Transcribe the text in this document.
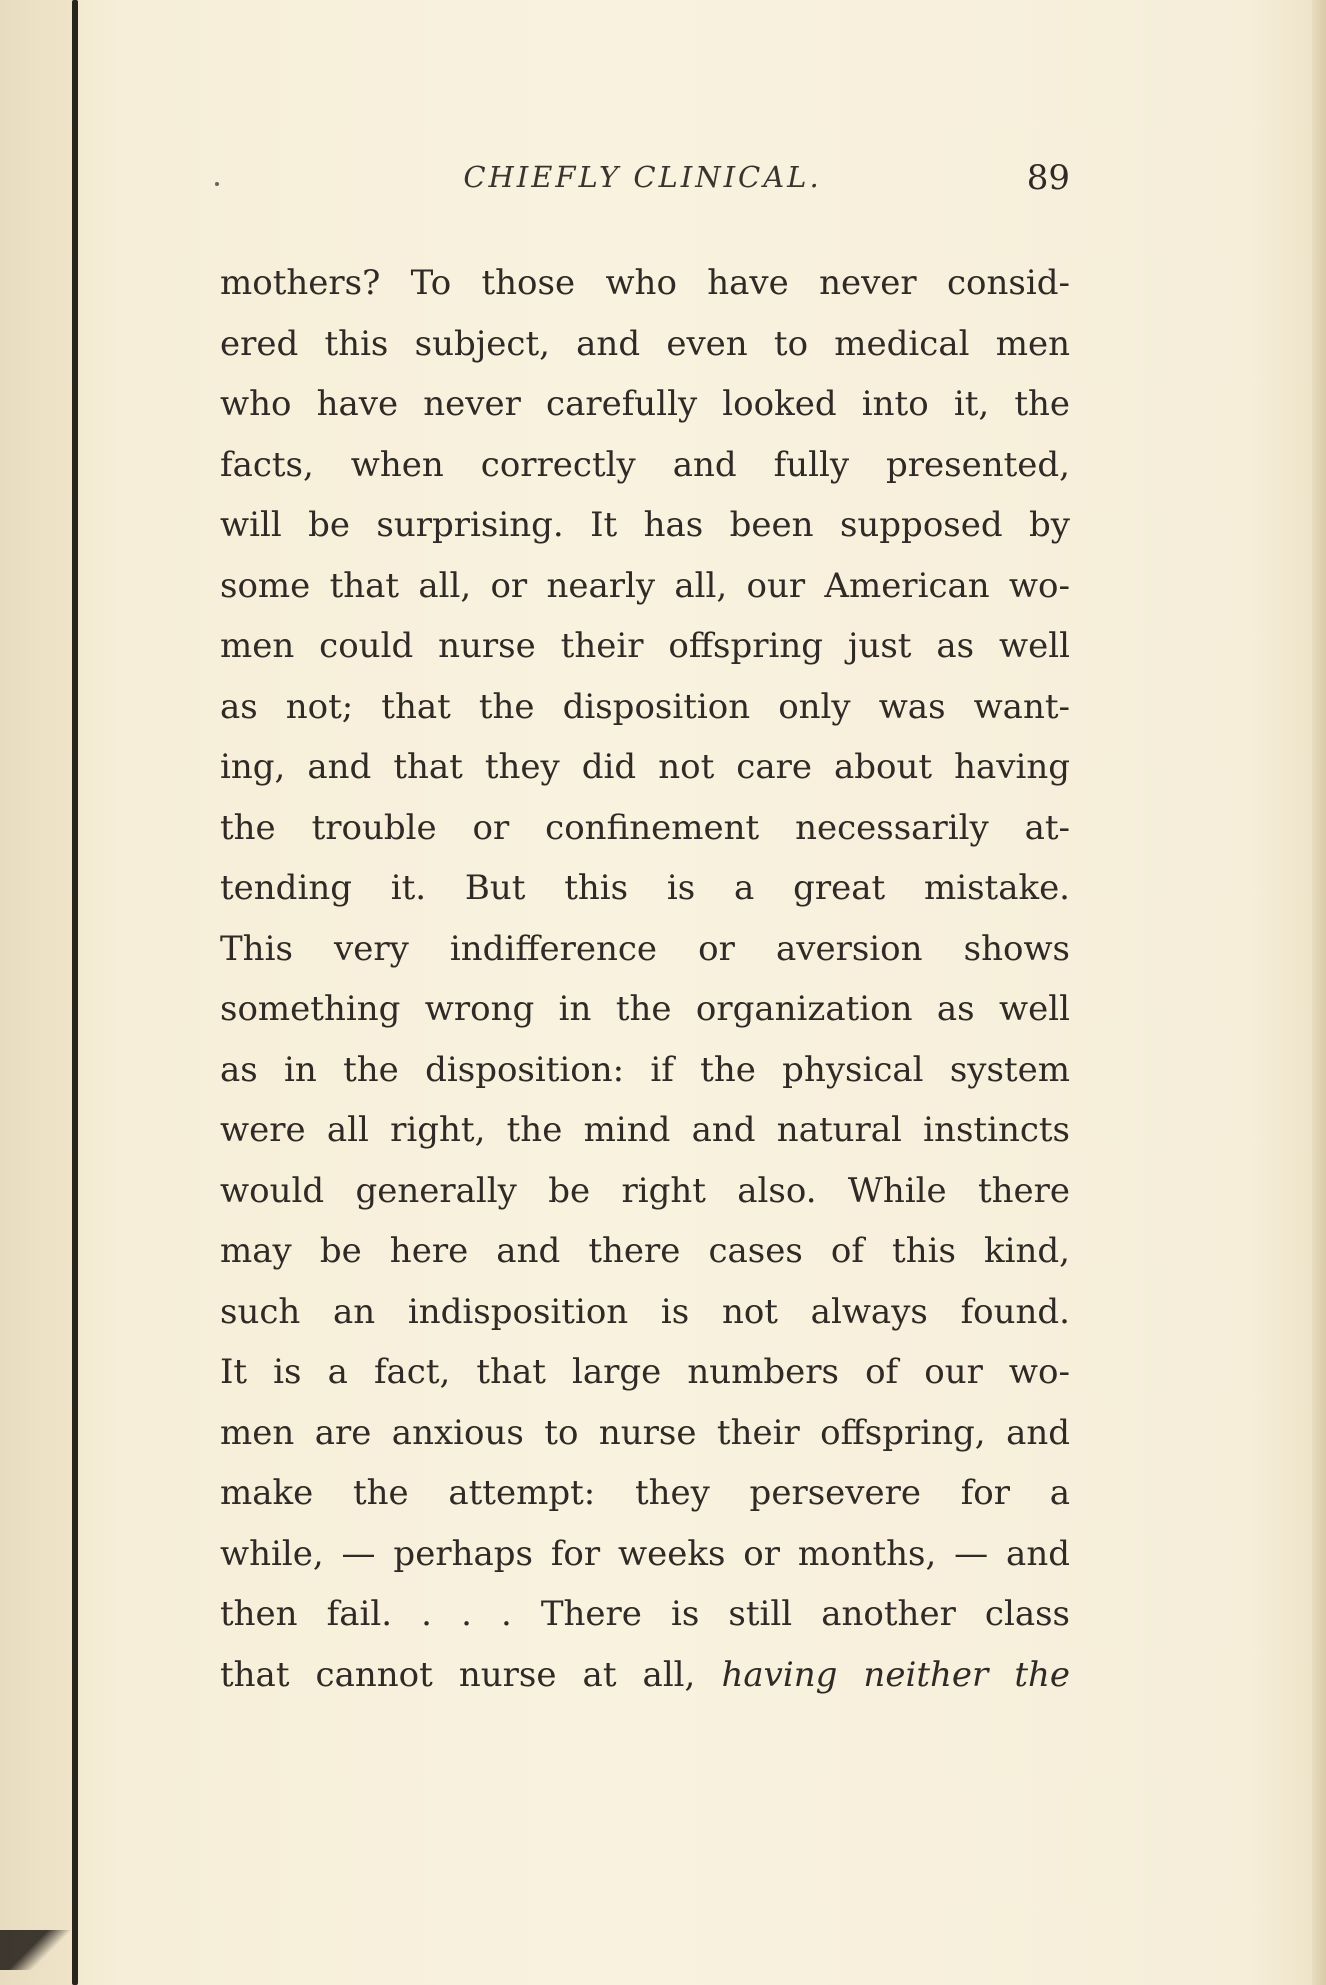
CHIEFLY CLINICAL.	89
mothers? To those who have never consid-
ered this subject, and even to medical men
who have never carefully looked into it, the
facts, when correctly and fully presented,
will be surprising. It has been supposed by
some that all, or nearly all, our American wo-
men could nurse their offspring just as well
as not; that the disposition only was want-
ing, and that they did not care about having
the trouble or confinement necessarily at-
tending it. But this is a great mistake.
This very indifference or aversion shows
something wrong in the organization as well
as in the disposition: if the physical system
were all right, the mind and natural instincts
would generally be right also. While there
may be here and there cases of this kind,
such an indisposition is not always found.
It is a fact, that large numbers of our wo-
men are anxious to nurse their offspring, and
make the attempt: they persevere for a
while, — perhaps for weeks or months, — and
then fail. . . . There is still another class
that cannot nurse at all, having neither the
